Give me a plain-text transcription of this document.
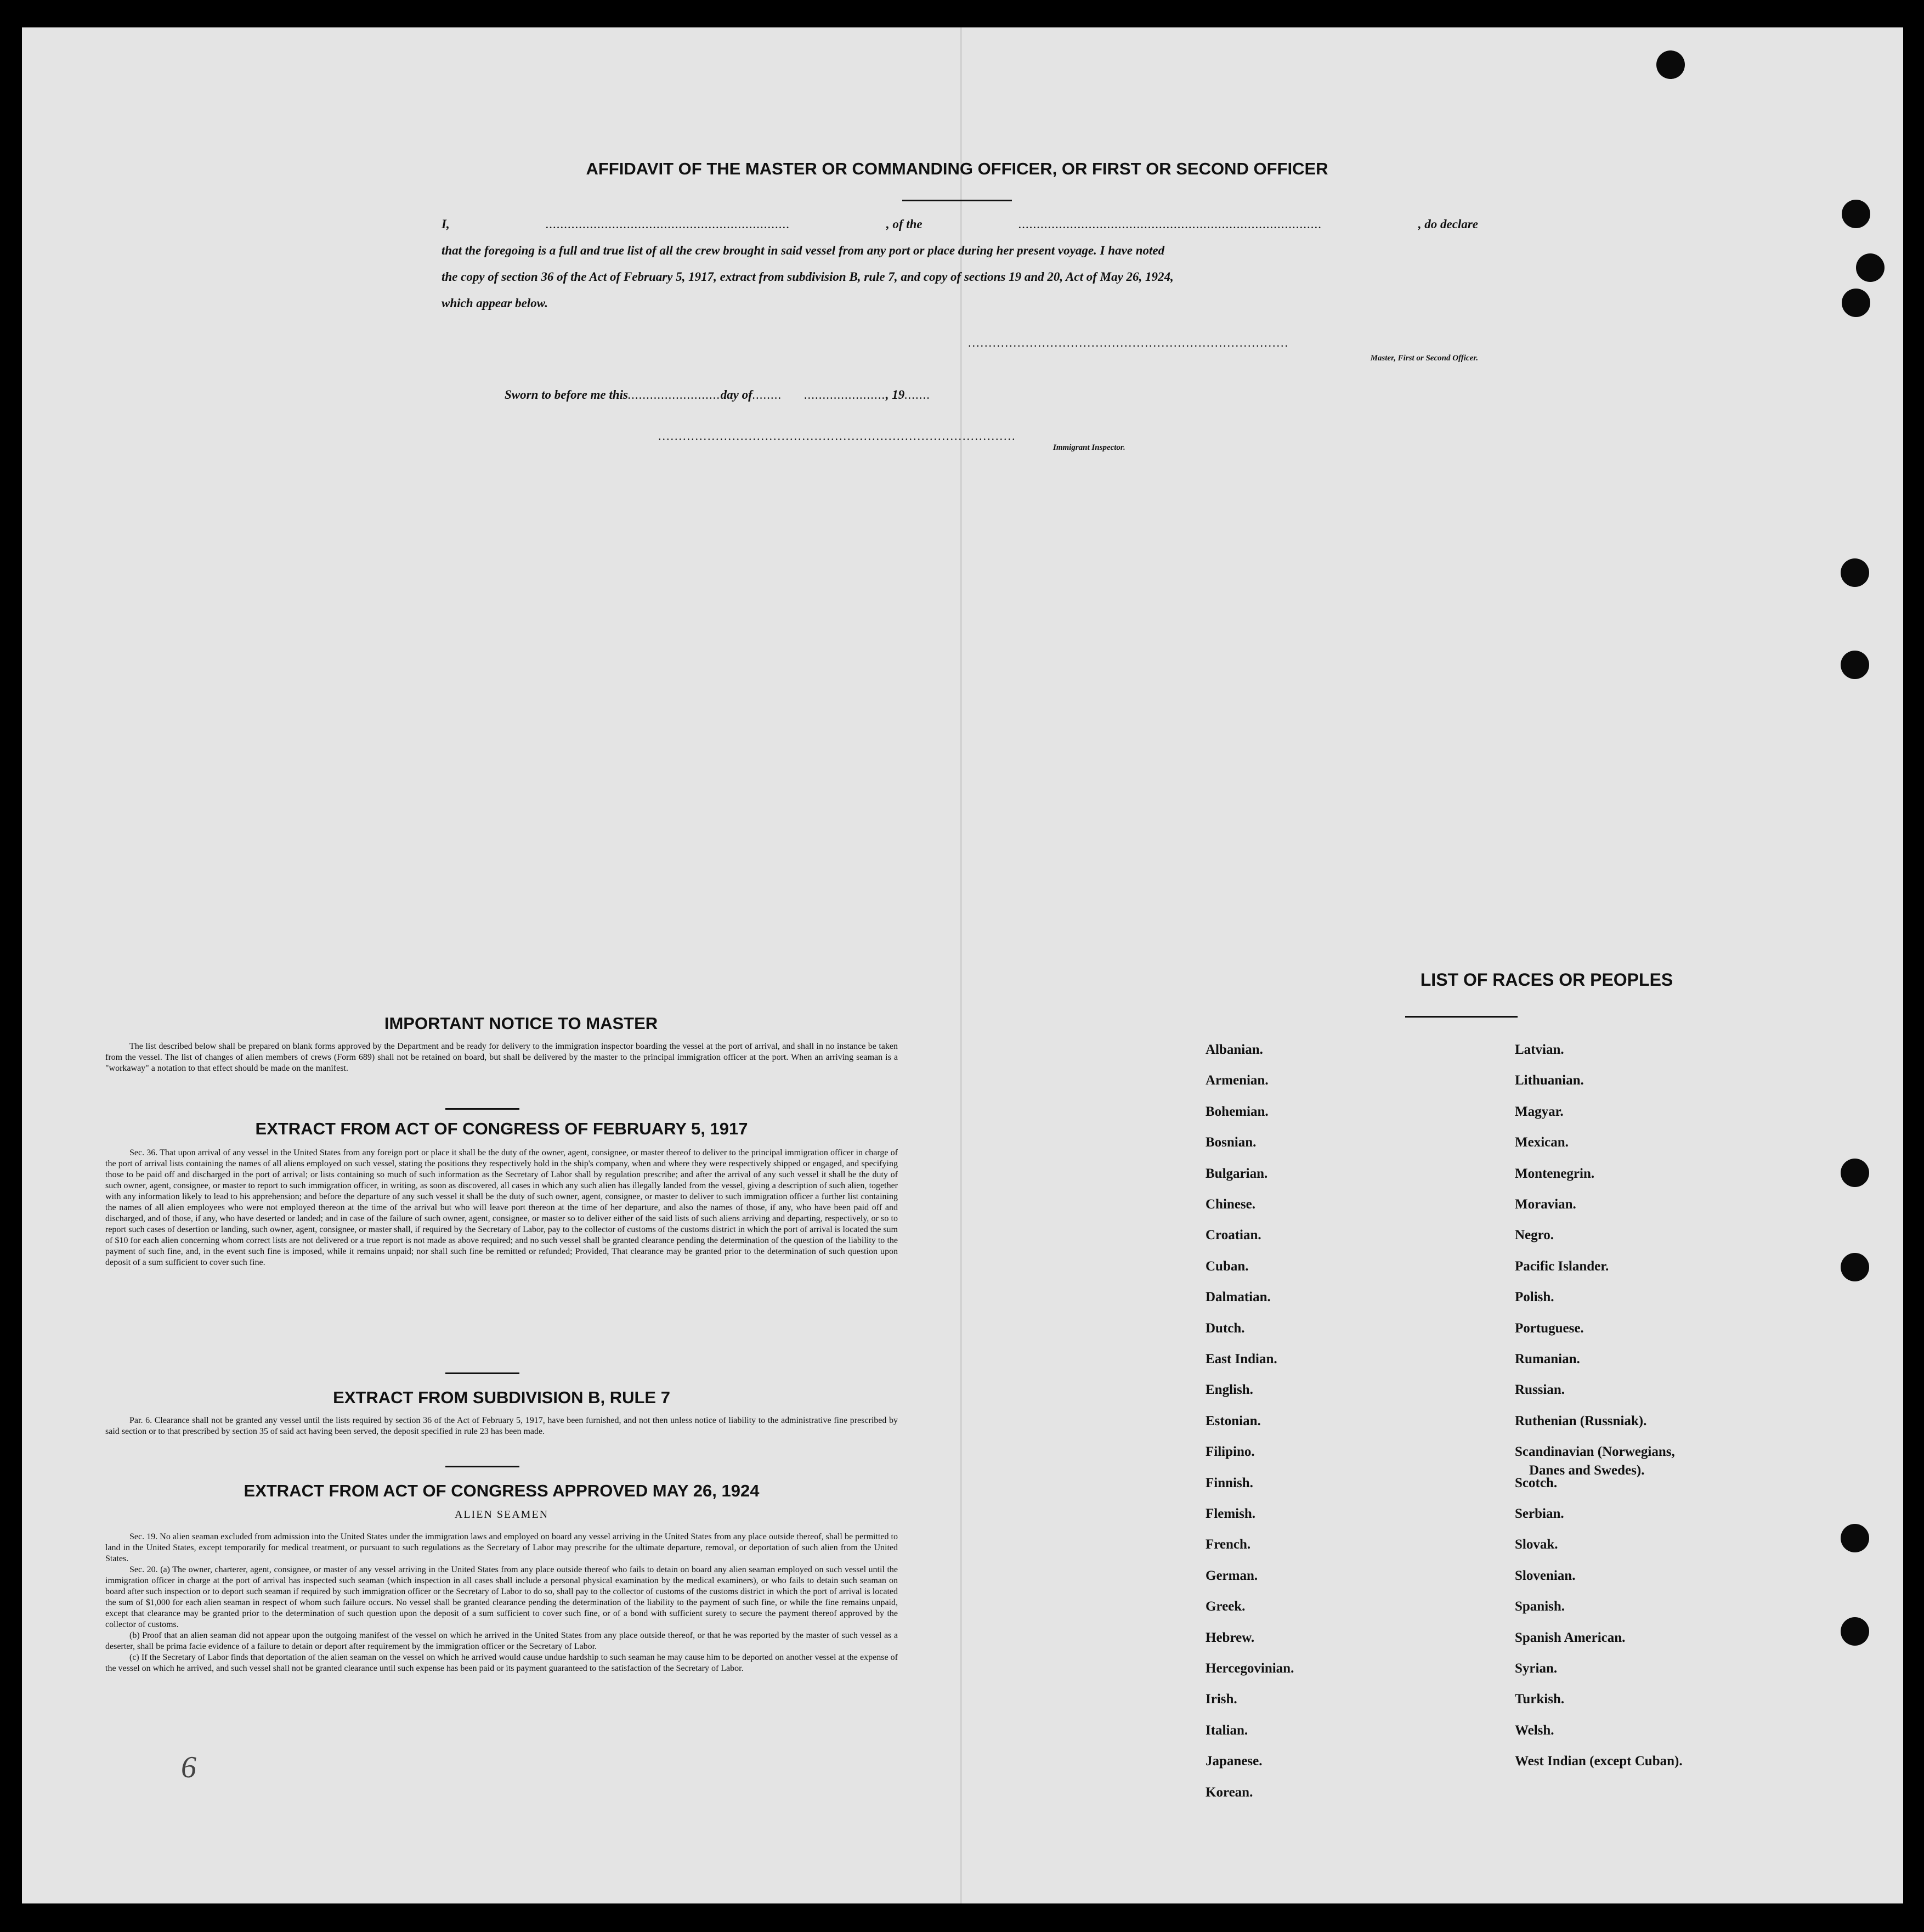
AFFIDAVIT OF THE MASTER OR COMMANDING OFFICER, OR FIRST OR SECOND OFFICER
I,	..................................................................	, of the	..................................................................................	, do declare
that the foregoing is a full and true list of all the crew brought in said vessel from any port or place during her present voyage. I have noted
the copy of section 36 of the Act of February 5, 1917, extract from subdivision B, rule 7, and copy of sections 19 and 20, Act of May 26, 1924,
which appear below.
..............................................................................
Master, First or Second Officer.
Sworn to before me this.........................day of........      ......................, 19.......
.......................................................................................
Immigrant Inspector.
IMPORTANT NOTICE TO MASTER

The list described below shall be prepared on blank forms approved by the Department and be ready for delivery to the immigration inspector boarding the vessel at the port of arrival, and shall in no instance be taken from the vessel. The list of changes of alien members of crews (Form 689) shall not be retained on board, but shall be delivered by the master to the principal immigration officer at the port. When an arriving seaman is a "workaway" a notation to that effect should be made on the manifest.

EXTRACT FROM ACT OF CONGRESS OF FEBRUARY 5, 1917

Sec. 36. That upon arrival of any vessel in the United States from any foreign port or place it shall be the duty of the owner, agent, consignee, or master thereof to deliver to the principal immigration officer in charge of the port of arrival lists containing the names of all aliens employed on such vessel, stating the positions they respectively hold in the ship's company, when and where they were respectively shipped or engaged, and specifying those to be paid off and discharged in the port of arrival; or lists containing so much of such information as the Secretary of Labor shall by regulation prescribe; and after the arrival of any such vessel it shall be the duty of such owner, agent, consignee, or master to report to such immigration officer, in writing, as soon as discovered, all cases in which any such alien has illegally landed from the vessel, giving a description of such alien, together with any information likely to lead to his apprehension; and before the departure of any such vessel it shall be the duty of such owner, agent, consignee, or master to deliver to such immigration officer a further list containing the names of all alien employees who were not employed thereon at the time of the arrival but who will leave port thereon at the time of her departure, and also the names of those, if any, who have been paid off and discharged, and of those, if any, who have deserted or landed; and in case of the failure of such owner, agent, consignee, or master so to deliver either of the said lists of such aliens arriving and departing, respectively, or so to report such cases of desertion or landing, such owner, agent, consignee, or master shall, if required by the Secretary of Labor, pay to the collector of customs of the customs district in which the port of arrival is located the sum of $10 for each alien concerning whom correct lists are not delivered or a true report is not made as above required; and no such vessel shall be granted clearance pending the determination of the question of the liability to the payment of such fine, and, in the event such fine is imposed, while it remains unpaid; nor shall such fine be remitted or refunded; Provided, That clearance may be granted prior to the determination of such question upon deposit of a sum sufficient to cover such fine.

EXTRACT FROM SUBDIVISION B, RULE 7

Par. 6. Clearance shall not be granted any vessel until the lists required by section 36 of the Act of February 5, 1917, have been furnished, and not then unless notice of liability to the administrative fine prescribed by said section or to that prescribed by section 35 of said act having been served, the deposit specified in rule 23 has been made.

EXTRACT FROM ACT OF CONGRESS APPROVED MAY 26, 1924
ALIEN SEAMEN

Sec. 19. No alien seaman excluded from admission into the United States under the immigration laws and employed on board any vessel arriving in the United States from any place outside thereof, shall be permitted to land in the United States, except temporarily for medical treatment, or pursuant to such regulations as the Secretary of Labor may prescribe for the ultimate departure, removal, or deportation of such alien from the United States.

Sec. 20. (a) The owner, charterer, agent, consignee, or master of any vessel arriving in the United States from any place outside thereof who fails to detain on board any alien seaman employed on such vessel until the immigration officer in charge at the port of arrival has inspected such seaman (which inspection in all cases shall include a personal physical examination by the medical examiners), or who fails to detain such seaman on board after such inspection or to deport such seaman if required by such immigration officer or the Secretary of Labor to do so, shall pay to the collector of customs of the customs district in which the port of arrival is located the sum of $1,000 for each alien seaman in respect of whom such failure occurs. No vessel shall be granted clearance pending the determination of the liability to the payment of such fine, or while the fine remains unpaid, except that clearance may be granted prior to the determination of such question upon the deposit of a sum sufficient to cover such fine, or of a bond with sufficient surety to secure the payment thereof approved by the collector of customs.

(b) Proof that an alien seaman did not appear upon the outgoing manifest of the vessel on which he arrived in the United States from any place outside thereof, or that he was reported by the master of such vessel as a deserter, shall be prima facie evidence of a failure to detain or deport after requirement by the immigration officer or the Secretary of Labor.

(c) If the Secretary of Labor finds that deportation of the alien seaman on the vessel on which he arrived would cause undue hardship to such seaman he may cause him to be deported on another vessel at the expense of the vessel on which he arrived, and such vessel shall not be granted clearance until such expense has been paid or its payment guaranteed to the satisfaction of the Secretary of Labor.

6
LIST OF RACES OR PEOPLES
Albanian.
Armenian.
Bohemian.
Bosnian.
Bulgarian.
Chinese.
Croatian.
Cuban.
Dalmatian.
Dutch.
East Indian.
English.
Estonian.
Filipino.
Finnish.
Flemish.
French.
German.
Greek.
Hebrew.
Hercegovinian.
Irish.
Italian.
Japanese.
Korean.
Latvian.
Lithuanian.
Magyar.
Mexican.
Montenegrin.
Moravian.
Negro.
Pacific Islander.
Polish.
Portuguese.
Rumanian.
Russian.
Ruthenian (Russniak).
Scandinavian (Norwegians,
Danes and Swedes).
Scotch.
Serbian.
Slovak.
Slovenian.
Spanish.
Spanish American.
Syrian.
Turkish.
Welsh.
West Indian (except Cuban).
